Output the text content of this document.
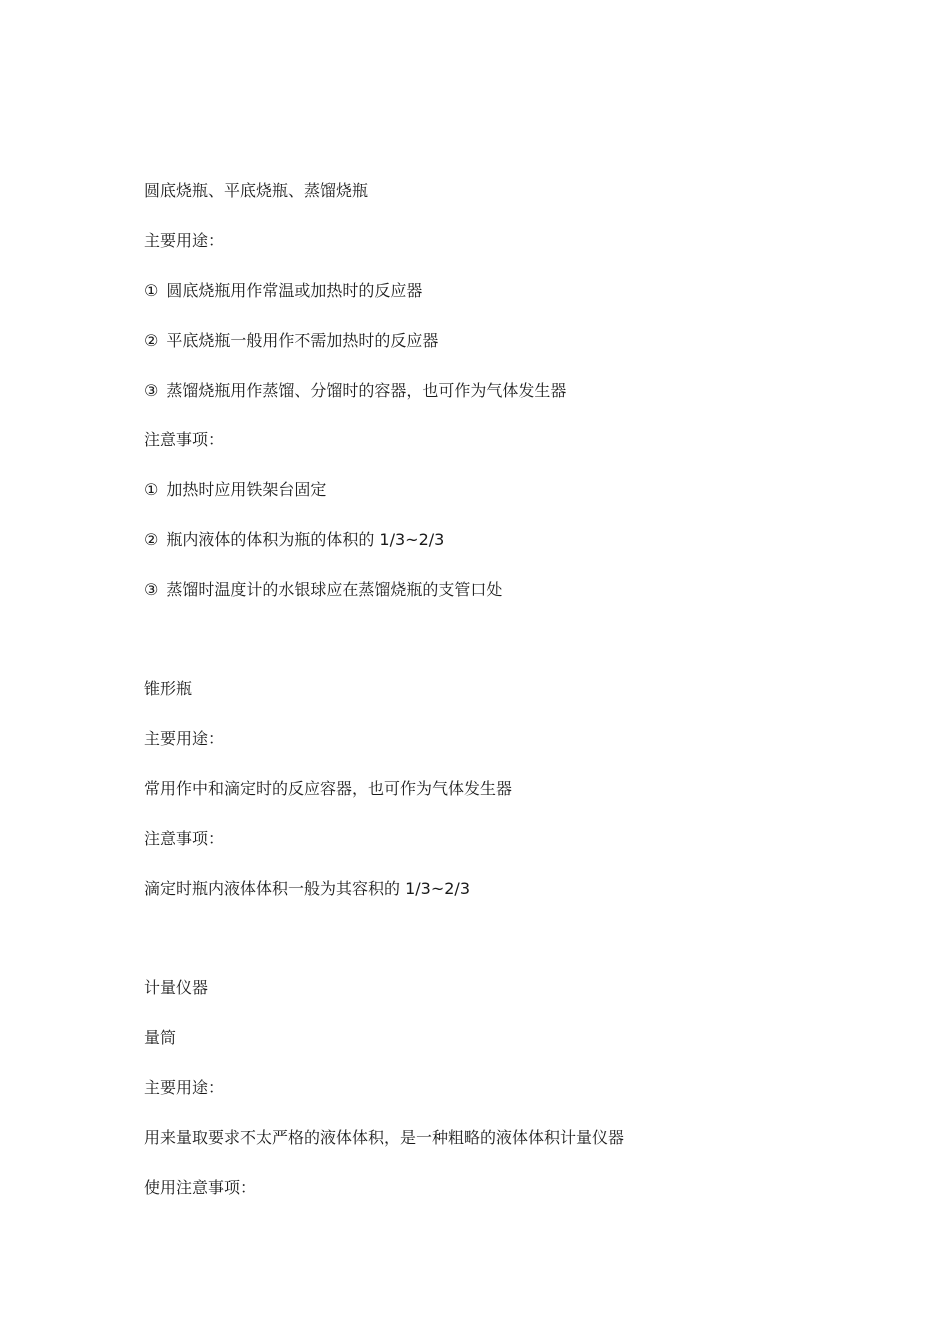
圆底烧瓶、平底烧瓶、蒸馏烧瓶
主要用途：
① 圆底烧瓶用作常温或加热时的反应器
② 平底烧瓶一般用作不需加热时的反应器
③ 蒸馏烧瓶用作蒸馏、分馏时的容器，也可作为气体发生器
注意事项：
① 加热时应用铁架台固定
② 瓶内液体的体积为瓶的体积的 1/3~2/3
③ 蒸馏时温度计的水银球应在蒸馏烧瓶的支管口处
锥形瓶
主要用途：
常用作中和滴定时的反应容器，也可作为气体发生器
注意事项：
滴定时瓶内液体体积一般为其容积的 1/3~2/3
计量仪器
量筒
主要用途：
用来量取要求不太严格的液体体积，是一种粗略的液体体积计量仪器
使用注意事项：
